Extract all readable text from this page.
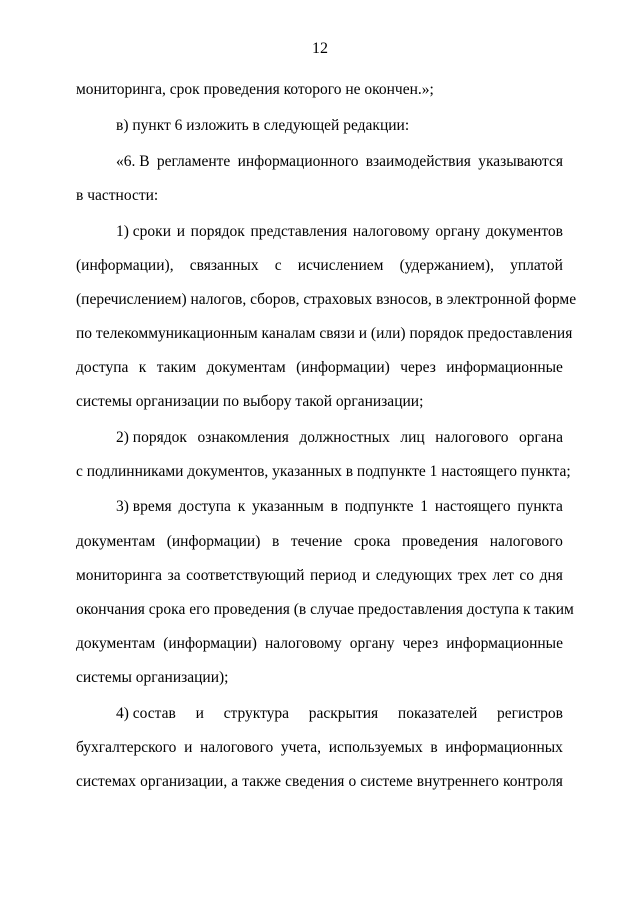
12
мониторинга, срок проведения которого не окончен.»;
в) пункт 6 изложить в следующей редакции:
«6. В регламенте информационного взаимодействия указываются
в частности:
1) сроки и порядок представления налоговому органу документов
(информации), связанных с исчислением (удержанием), уплатой
(перечислением) налогов, сборов, страховых взносов, в электронной форме
по телекоммуникационным каналам связи и (или) порядок предоставления
доступа к таким документам (информации) через информационные
системы организации по выбору такой организации;
2) порядок ознакомления должностных лиц налогового органа
с подлинниками документов, указанных в подпункте 1 настоящего пункта;
3) время доступа к указанным в подпункте 1 настоящего пункта
документам (информации) в течение срока проведения налогового
мониторинга за соответствующий период и следующих трех лет со дня
окончания срока его проведения (в случае предоставления доступа к таким
документам (информации) налоговому органу через информационные
системы организации);
4) состав и структура раскрытия показателей регистров
бухгалтерского и налогового учета, используемых в информационных
системах организации, а также сведения о системе внутреннего контроля
